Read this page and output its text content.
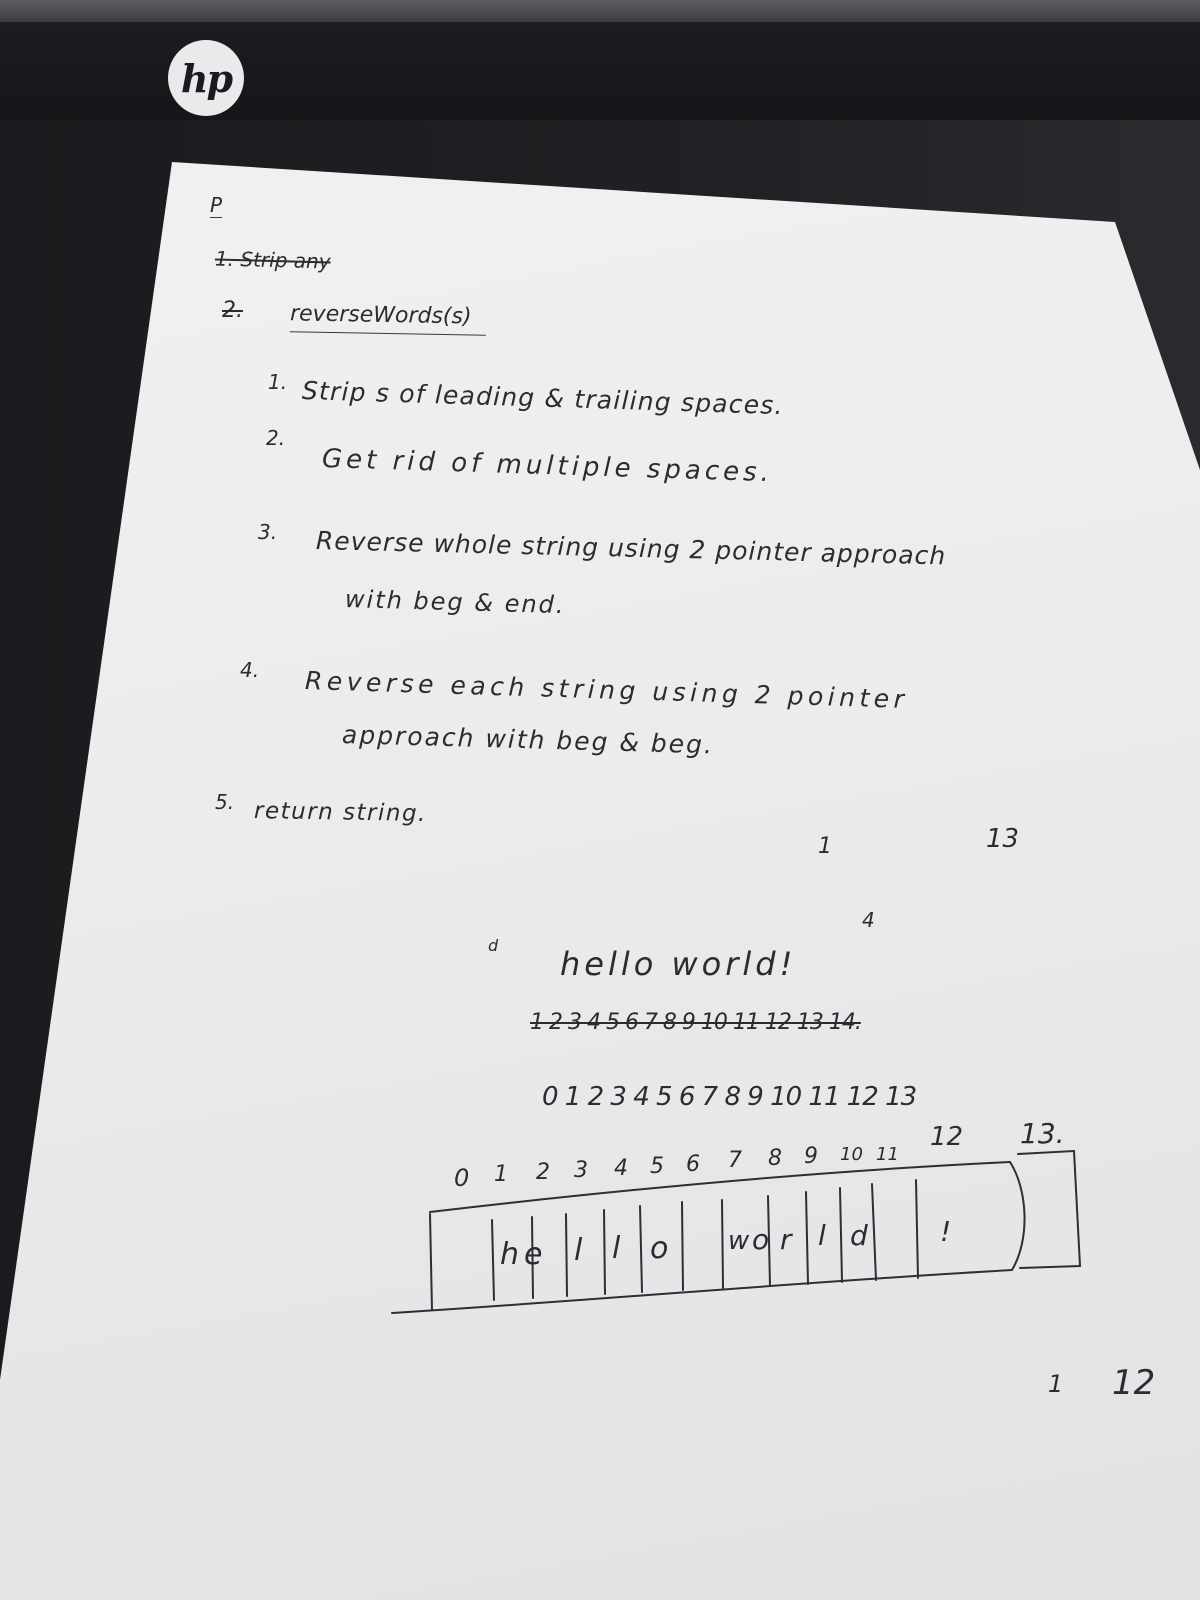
hp

P

1. Strip any

2. reverseWords(s)

1. Strip s of leading & trailing spaces.

2.

Get rid of multiple spaces.

3. Reverse whole string using 2 pointer approach

with beg & end.

4. Reverse each string using 2 pointer

approach with beg & beg.

5. return string.

1	13

d

4

hello world!

1 2 3 4 5 6 7 8 9 10 11 12 13 14.

0 1 2 3 4 5 6 7 8 9 10 11 12 13

0 1 2 3 4 5 6 7 8 9 10 11

12 13.

h e l l o w o r l d	!

1 12
